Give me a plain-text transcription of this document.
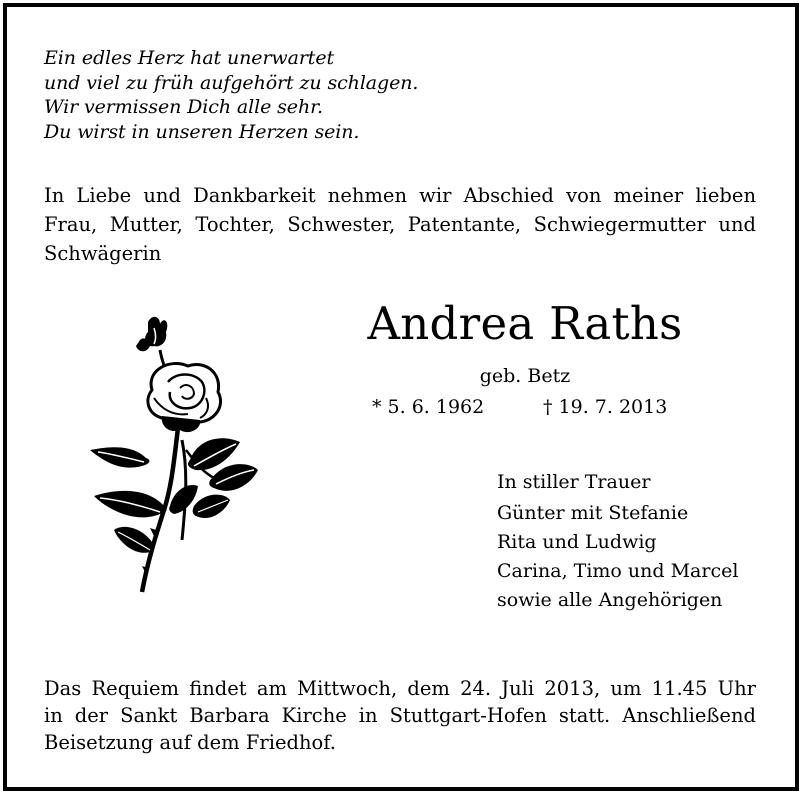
Ein edles Herz hat unerwartet
und viel zu früh aufgehört zu schlagen.
Wir vermissen Dich alle sehr.
Du wirst in unseren Herzen sein.
In Liebe und Dankbarkeit nehmen wir Abschied von meiner lieben
Frau, Mutter, Tochter, Schwester, Patentante, Schwiegermutter und
Schwägerin
Andrea Raths
geb. Betz
* 5. 6. 1962	† 19. 7. 2013
In stiller Trauer
Günter mit Stefanie
Rita und Ludwig
Carina, Timo und Marcel
sowie alle Angehörigen
Das Requiem findet am Mittwoch, dem 24. Juli 2013, um 11.45 Uhr
in der Sankt Barbara Kirche in Stuttgart-Hofen statt. Anschließend
Beisetzung auf dem Friedhof.
